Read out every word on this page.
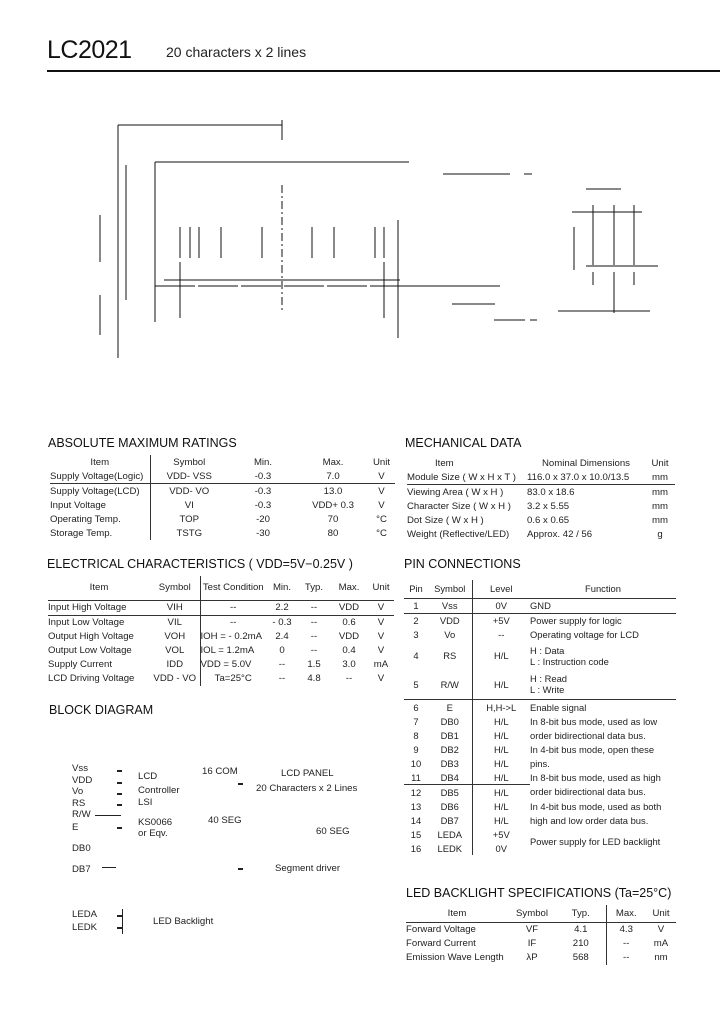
LC2021 20 characters x 2 lines
ABSOLUTE MAXIMUM RATINGS
Item	Symbol	Min.	Max.	Unit
Supply Voltage(Logic)	VDD- VSS	-0.3	7.0	V
Supply Voltage(LCD)	VDD- VO	-0.3	13.0	V
Input Voltage	VI	-0.3	VDD+ 0.3	V
Operating Temp.	TOP	-20	70	°C
Storage Temp.	TSTG	-30	80	°C
MECHANICAL DATA
Item	Nominal Dimensions	Unit
Module Size ( W x H x T )	116.0 x 37.0 x 10.0/13.5	mm
Viewing Area ( W x H )	83.0 x 18.6	mm
Character Size ( W x H )	3.2 x 5.55	mm
Dot Size ( W x H )	0.6 x 0.65	mm
Weight (Reflective/LED)	Approx. 42 / 56	g
ELECTRICAL CHARACTERISTICS ( VDD=5V−0.25V )
Item	Symbol	Test Condition	Min.	Typ.	Max.	Unit
Input High Voltage	VIH	--	2.2	--	VDD	V
Input Low Voltage	VIL	--	- 0.3	--	0.6	V
Output High Voltage	VOH	IOH = - 0.2mA	2.4	--	VDD	V
Output Low Voltage	VOL	IOL = 1.2mA	0	--	0.4	V
Supply Current	IDD	VDD = 5.0V	--	1.5	3.0	mA
LCD Driving Voltage	VDD - VO	Ta=25°C	--	4.8	--	V
PIN CONNECTIONS
Pin	Symbol	Level	Function
1	Vss	0V	GND
2	VDD	+5V	Power supply for logic
3	Vo	--	Operating voltage for LCD
4	RS	H/L	H : Data
L : Instruction code

5	R/W	H/L	H : Read
L : Write

6	E	H,H->L	Enable signal
7	DB0	H/L	In 8-bit bus mode, used as low
8	DB1	H/L	order bidirectional data bus.
9	DB2	H/L	In 4-bit bus mode, open these
10	DB3	H/L	pins.
11	DB4	H/L	In 8-bit bus mode, used as high
12	DB5	H/L	order bidirectional data bus.
13	DB6	H/L	In 4-bit bus mode, used as both
14	DB7	H/L	high and low order data bus.
15	LEDA	+5V	Power supply for LED backlight
16	LEDK	0V	
BLOCK DIAGRAM
Vss
VDD
Vo
RS
R/W
E
DB0
DB7
LCD
Controller
LSI
KS0066
or Eqv.
16 COM
40 SEG
LCD PANEL
20 Characters x 2 Lines
60 SEG
Segment driver
LEDA
LEDK
LED Backlight
LED BACKLIGHT SPECIFICATIONS (Ta=25°C)
Item	Symbol	Typ.	Max.	Unit
Forward Voltage	VF	4.1	4.3	V
Forward Current	IF	210	--	mA
Emission Wave Length	λP	568	--	nm
